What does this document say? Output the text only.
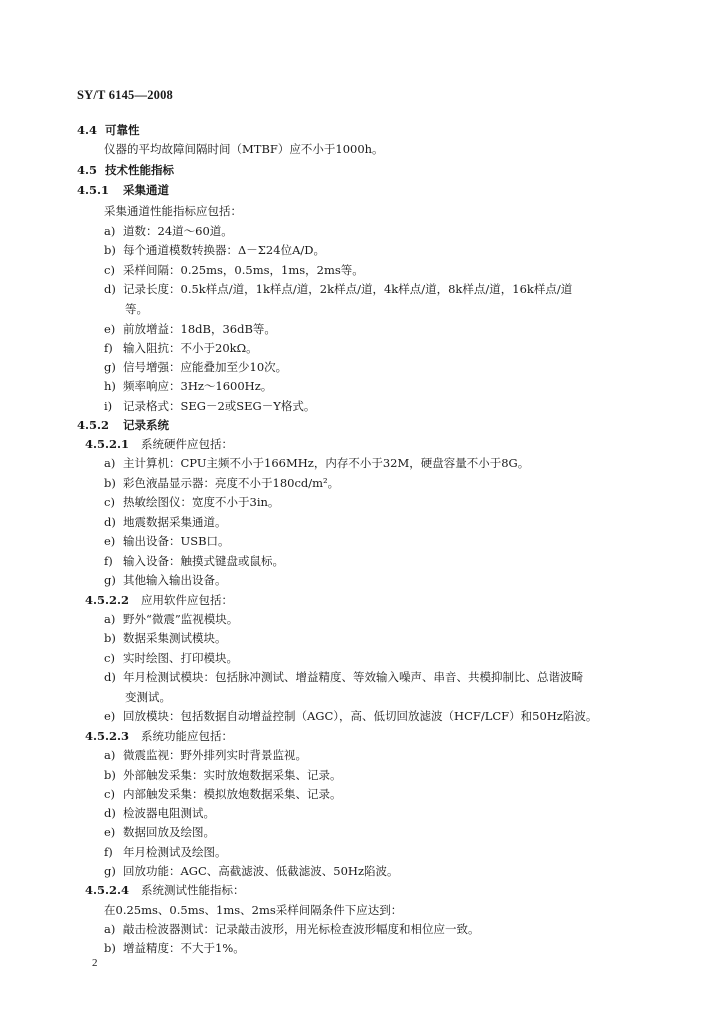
SY/T 6145—2008
4.4 可靠性
仪器的平均故障间隔时间（MTBF）应不小于1000h。
4.5 技术性能指标
4.5.1 采集通道
采集通道性能指标应包括：
a) 道数：24道～60道。
b) 每个通道模数转换器：Δ－Σ24位A/D。
c) 采样间隔：0.25ms，0.5ms，1ms，2ms等。
d) 记录长度：0.5k样点/道，1k样点/道，2k样点/道，4k样点/道，8k样点/道，16k样点/道
等。
e) 前放增益：18dB，36dB等。
f) 输入阻抗：不小于20kΩ。
g) 信号增强：应能叠加至少10次。
h) 频率响应：3Hz～1600Hz。
i) 记录格式：SEG－2或SEG－Y格式。
4.5.2 记录系统
4.5.2.1 系统硬件应包括：
a) 主计算机：CPU主频不小于166MHz，内存不小于32M，硬盘容量不小于8G。
b) 彩色液晶显示器：亮度不小于180cd/m²。
c) 热敏绘图仪：宽度不小于3in。
d) 地震数据采集通道。
e) 输出设备：USB口。
f) 输入设备：触摸式键盘或鼠标。
g) 其他输入输出设备。
4.5.2.2 应用软件应包括：
a) 野外“微震”监视模块。
b) 数据采集测试模块。
c) 实时绘图、打印模块。
d) 年月检测试模块：包括脉冲测试、增益精度、等效输入噪声、串音、共模抑制比、总谐波畸
变测试。
e) 回放模块：包括数据自动增益控制（AGC），高、低切回放滤波（HCF/LCF）和50Hz陷波。
4.5.2.3 系统功能应包括：
a) 微震监视：野外排列实时背景监视。
b) 外部触发采集：实时放炮数据采集、记录。
c) 内部触发采集：模拟放炮数据采集、记录。
d) 检波器电阻测试。
e) 数据回放及绘图。
f) 年月检测试及绘图。
g) 回放功能：AGC、高截滤波、低截滤波、50Hz陷波。
4.5.2.4 系统测试性能指标：
在0.25ms、0.5ms、1ms、2ms采样间隔条件下应达到：
a) 敲击检波器测试：记录敲击波形，用光标检查波形幅度和相位应一致。
b) 增益精度：不大于1%。
2
